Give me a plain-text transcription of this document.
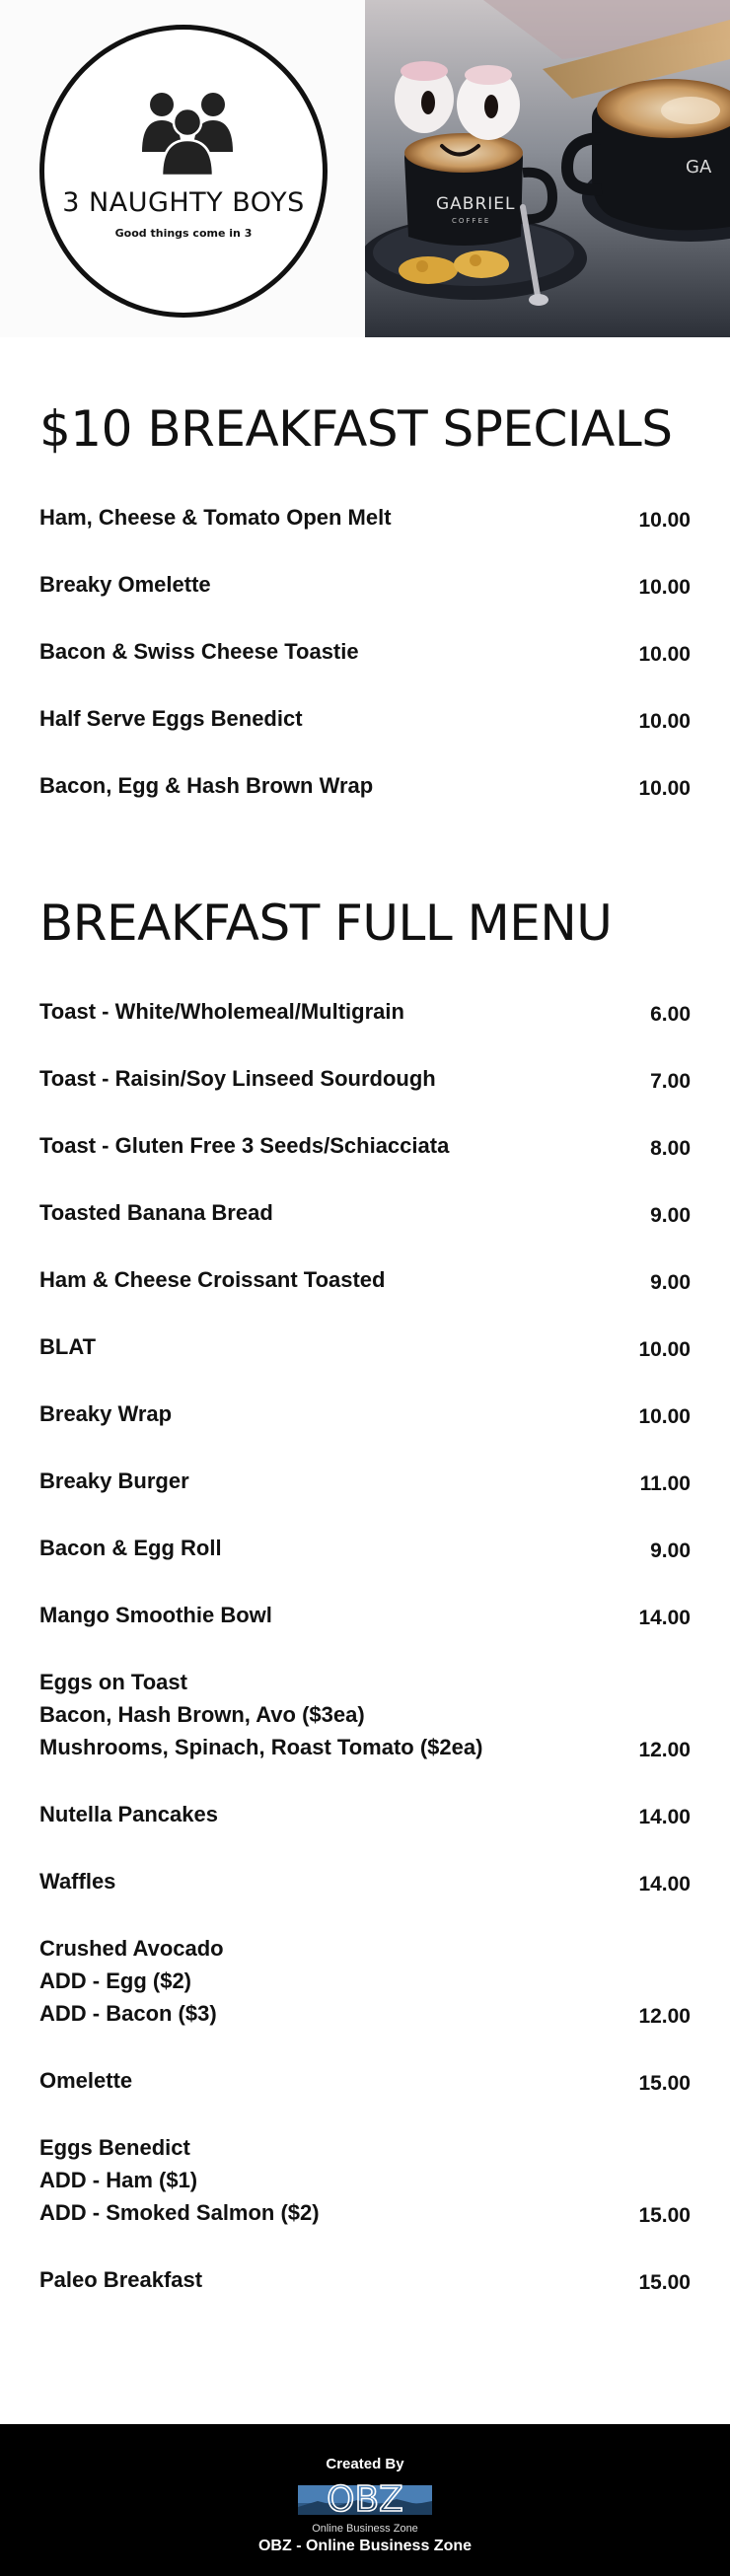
3 NAUGHTY BOYS
Good things come in 3
GA
GABRIEL
COFFEE
$10 BREAKFAST SPECIALS
Ham, Cheese & Tomato Open Melt	10.00
Breaky Omelette	10.00
Bacon & Swiss Cheese Toastie	10.00
Half Serve Eggs Benedict	10.00
Bacon, Egg & Hash Brown Wrap	10.00
BREAKFAST FULL MENU
Toast - White/Wholemeal/Multigrain	6.00
Toast - Raisin/Soy Linseed Sourdough	7.00
Toast - Gluten Free 3 Seeds/Schiacciata	8.00
Toasted Banana Bread	9.00
Ham & Cheese Croissant Toasted	9.00
BLAT	10.00
Breaky Wrap	10.00
Breaky Burger	11.00
Bacon & Egg Roll	9.00
Mango Smoothie Bowl	14.00
Eggs on Toast
Bacon, Hash Brown, Avo ($3ea)
Mushrooms, Spinach, Roast Tomato ($2ea)	12.00
Nutella Pancakes	14.00
Waffles	14.00
Crushed Avocado
ADD - Egg ($2)
ADD - Bacon ($3)	12.00
Omelette	15.00
Eggs Benedict
ADD - Ham ($1)
ADD - Smoked Salmon ($2)	15.00
Paleo Breakfast	15.00
Created By
OBZ
Online Business Zone
OBZ - Online Business Zone
